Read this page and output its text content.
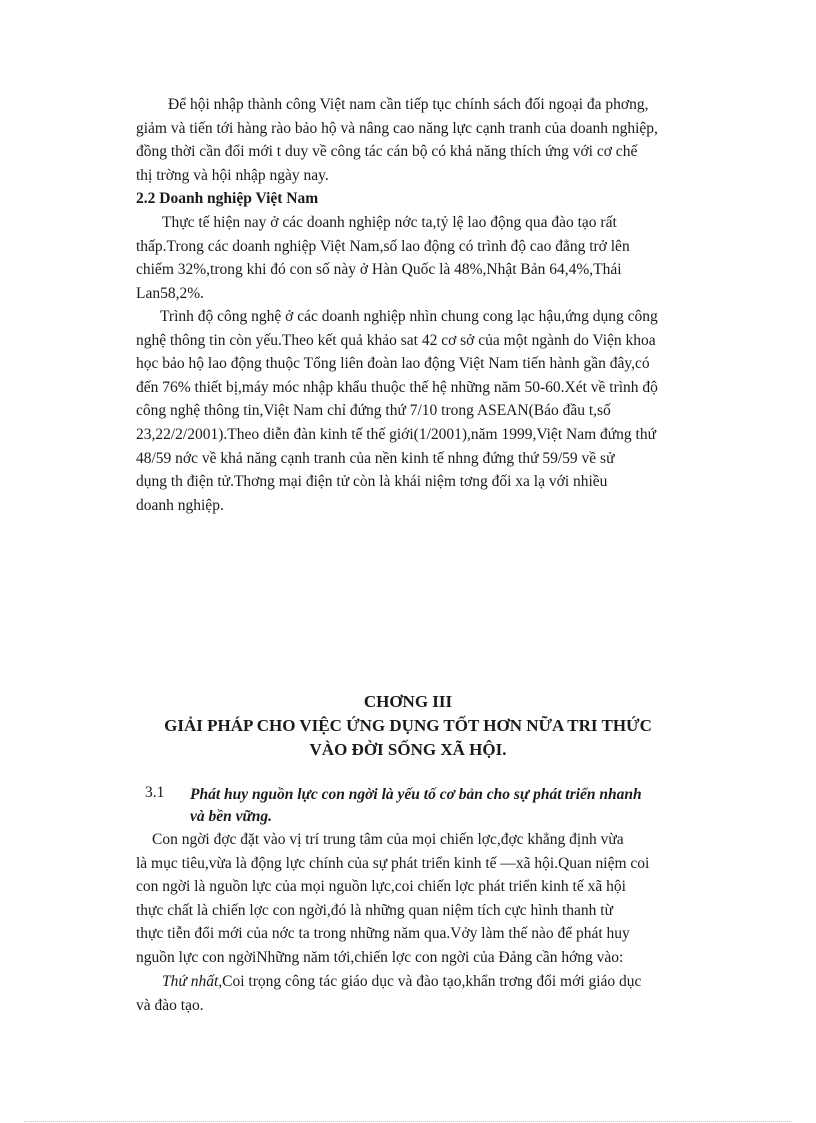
Để hội nhập thành công Việt nam cần tiếp tục chính sách đối ngoại đa phơng,
giảm và tiến tới hàng rào bảo hộ và nâng cao năng lực cạnh tranh của doanh nghiệp,
đồng thời cần đổi mới t duy về công tác cán bộ có khả năng thích ứng với cơ chế
thị trờng và hội nhập ngày nay.
2.2 Doanh nghiệp Việt Nam
Thực tế hiện nay ở các doanh nghiệp nớc ta,tỷ lệ lao động qua đào tạo rất
thấp.Trong các doanh nghiệp Việt Nam,số lao động có trình độ cao đẳng trở lên
chiếm 32%,trong khi đó con số này ở Hàn Quốc là 48%,Nhật Bản 64,4%,Thái
Lan58,2%.
Trình độ công nghệ ở các doanh nghiệp nhìn chung cong lạc hậu,ứng dụng công
nghệ thông tin còn yếu.Theo kết quả khảo sat 42 cơ sở của một ngành do Viện khoa
học bảo hộ lao động thuộc Tổng liên đoàn lao động Việt Nam tiến hành gần đây,có
đến 76% thiết bị,máy móc nhập khẩu thuộc thế hệ những năm 50-60.Xét về trình độ
công nghệ thông tin,Việt Nam chỉ đứng thứ 7/10 trong ASEAN(Báo đầu t,số
23,22/2/2001).Theo diễn đàn kinh tế thế giới(1/2001),năm 1999,Việt Nam đứng thứ
48/59 nớc về khả năng cạnh tranh của nền kinh tế nhng đứng thứ 59/59 về sử
dụng th điện tử.Thơng mại điện tử còn là khái niệm tơng đối xa lạ với nhiều
doanh nghiệp.
CHƠNG III
GIẢI PHÁP CHO VIỆC ỨNG DỤNG TỐT HƠN NỮA TRI THỨC
VÀO ĐỜI SỐNG XÃ HỘI.
3.1 Phát huy nguồn lực con ngời là yếu tố cơ bản cho sự phát triển nhanh
và bền vững.
Con ngời đợc đặt vào vị trí trung tâm của mọi chiến lợc,đợc khẳng định vừa
là mục tiêu,vừa là động lực chính của sự phát triển kinh tế —xã hội.Quan niệm coi
con ngời là nguồn lực của mọi nguồn lực,coi chiến lợc phát triển kinh tế xã hội
thực chất là chiến lợc con ngời,đó là những quan niệm tích cực hình thanh từ
thực tiễn đổi mới của nớc ta trong những năm qua.Vởy làm thế nào để phát huy
nguồn lực con ngờiNhững năm tới,chiến lợc con ngời của Đảng cần hớng vào:
Thứ nhất,Coi trọng công tác giáo dục và đào tạo,khẩn trơng đổi mới giáo dục
và đào tạo.
